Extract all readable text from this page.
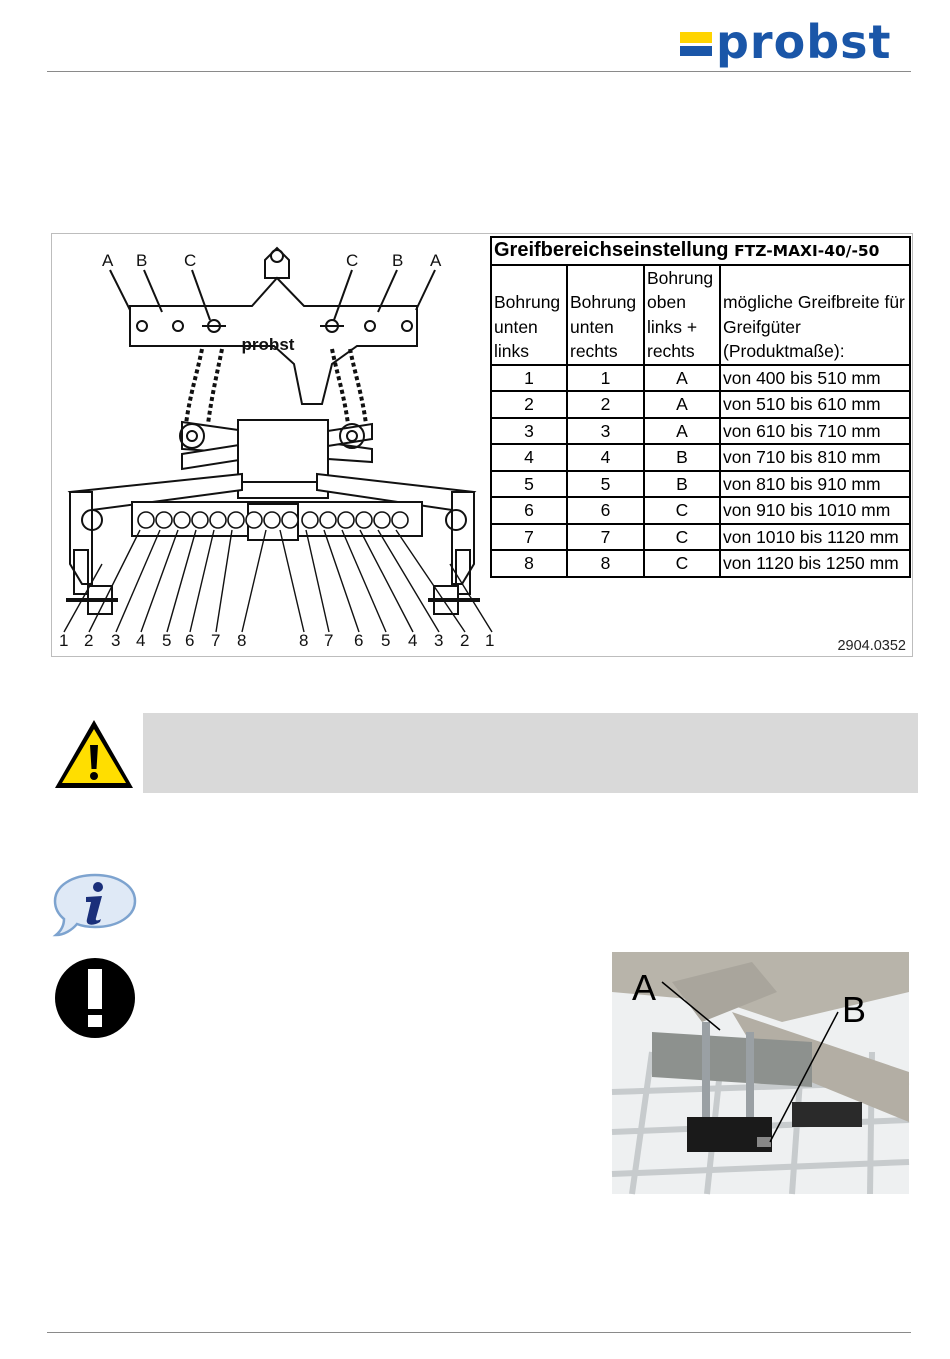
probst
probst
A B C	C B A
1 2 3 4 5 6 7 8	8 7 6 5 4 3 2 1
Greifbereichseinstellung FTZ-MAXI-40/-50			
Bohrung
unten
links	Bohrung
unten
rechts	Bohrung
oben
links +
rechts	mögliche Greifbreite für
Greifgüter
(Produktmaße):
1	1	A	von 400 bis 510 mm
2	2	A	von 510 bis 610 mm
3	3	A	von 610 bis 710 mm
4	4	B	von 710 bis 810 mm
5	5	B	von 810 bis 910 mm
6	6	C	von 910 bis 1010 mm
7	7	C	von 1010 bis 1120 mm
8	8	C	von 1120 bis 1250 mm
2904.0352
A
B
